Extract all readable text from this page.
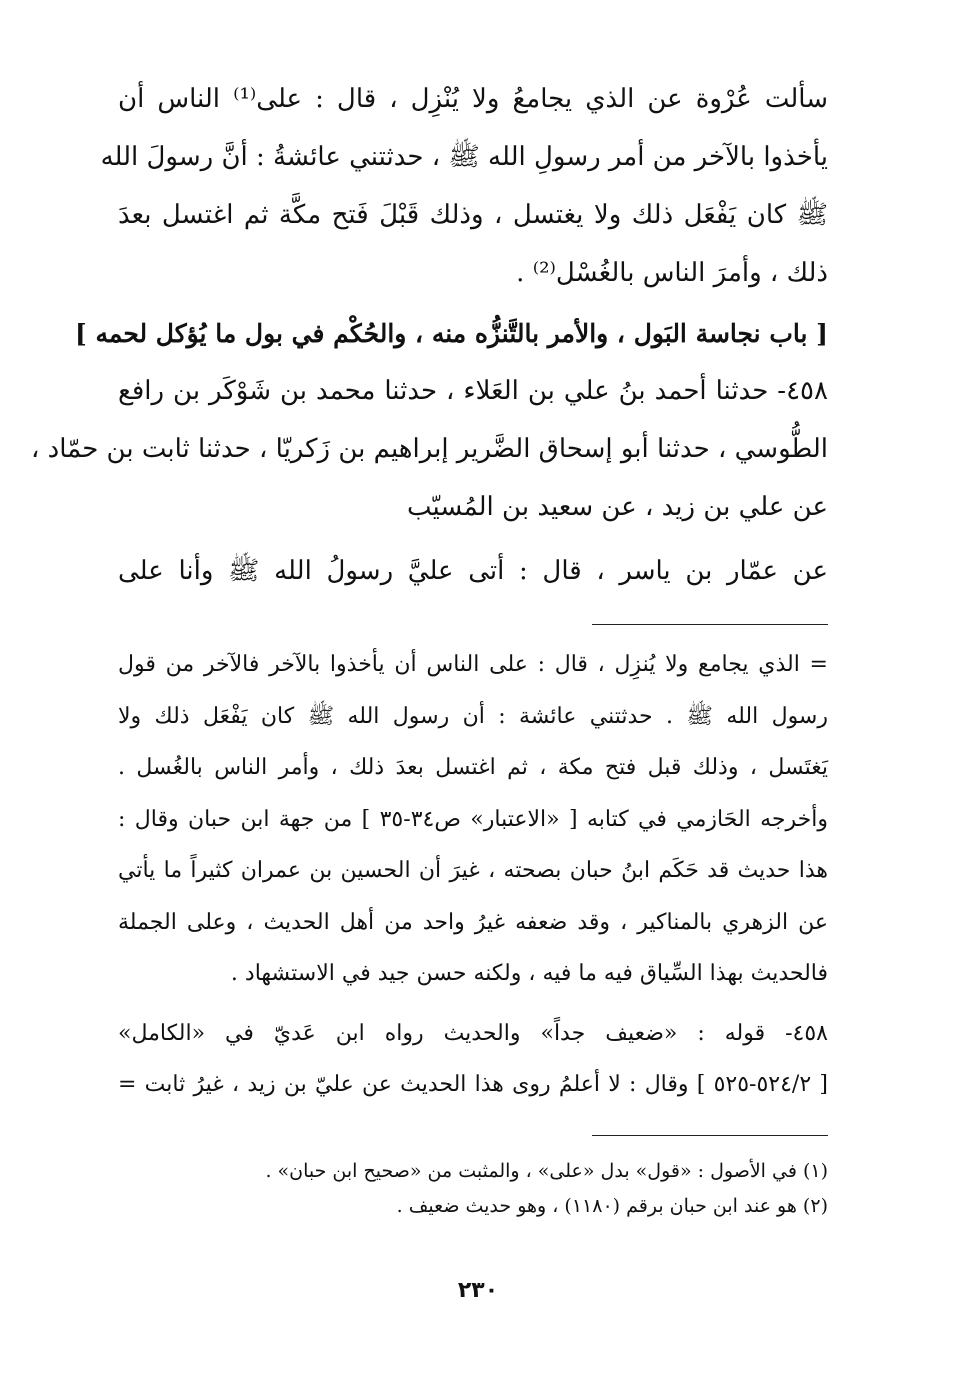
سألت عُرْوة عن الذي يجامعُ ولا يُنْزِل ، قال : على⁽¹⁾ الناس أن
يأخذوا بالآخر من أمر رسولِ الله ﷺ ، حدثتني عائشةُ : أنَّ رسولَ الله
ﷺ كان يَفْعَل ذلك ولا يغتسل ، وذلك قَبْلَ فَتح مكَّة ثم اغتسل بعدَ
ذلك ، وأمرَ الناس بالغُسْل⁽²⁾ .
[ باب نجاسة البَول ، والأمر بالتَّنزُّه منه ، والحُكْم في بول ما يُؤكل لحمه ]
٤٥٨- حدثنا أحمد بنُ علي بن العَلاء ، حدثنا محمد بن شَوْكَر بن رافع
الطُّوسي ، حدثنا أبو إسحاق الضَّرير إبراهيم بن زَكريّا ، حدثنا ثابت بن حمّاد ،
عن علي بن زيد ، عن سعيد بن المُسيّب
عن عمّار بن ياسر ، قال : أتى عليَّ رسولُ الله ﷺ وأنا على
= الذي يجامع ولا يُنزِل ، قال : على الناس أن يأخذوا بالآخر فالآخر من قول
رسول الله ﷺ . حدثتني عائشة : أن رسول الله ﷺ كان يَفْعَل ذلك ولا
يَغتَسل ، وذلك قبل فتح مكة ، ثم اغتسل بعدَ ذلك ، وأمر الناس بالغُسل .
وأخرجه الحَازمي في كتابه [ «الاعتبار» ص٣٤-٣٥ ] من جهة ابن حبان وقال :
هذا حديث قد حَكَم ابنُ حبان بصحته ، غيرَ أن الحسين بن عمران كثيراً ما يأتي
عن الزهري بالمناكير ، وقد ضعفه غيرُ واحد من أهل الحديث ، وعلى الجملة
فالحديث بهذا السِّياق فيه ما فيه ، ولكنه حسن جيد في الاستشهاد .
٤٥٨- قوله : «ضعيف جداً» والحديث رواه ابن عَديّ في «الكامل»
[ ٥٢٤/٢-٥٢٥ ] وقال : لا أعلمُ روى هذا الحديث عن عليّ بن زيد ، غيرُ ثابت =
(١) في الأصول : «قول» بدل «على» ، والمثبت من «صحيح ابن حبان» .
(٢) هو عند ابن حبان برقم (١١٨٠) ، وهو حديث ضعيف .
٢٣٠
